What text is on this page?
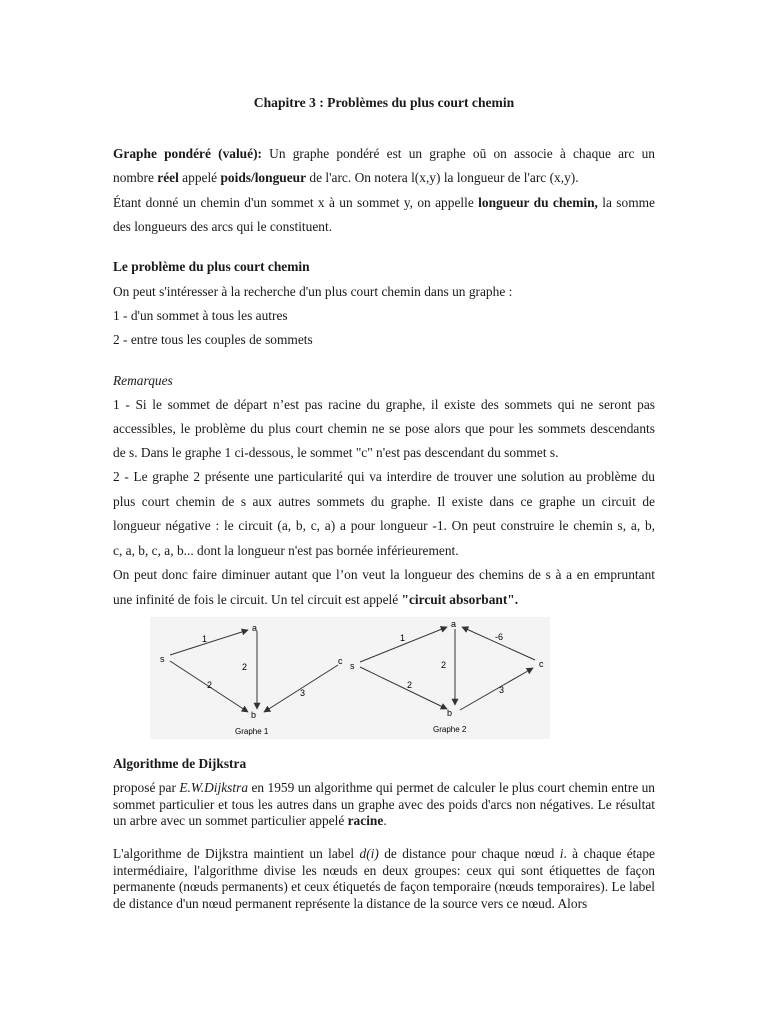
Chapitre 3 : Problèmes du plus court chemin
Graphe pondéré (valué): Un graphe pondéré est un graphe oū on associe à chaque arc un
nombre réel appelé poids/longueur de l'arc. On notera l(x,y) la longueur de l'arc (x,y).
Étant donné un chemin d'un sommet x à un sommet y, on appelle longueur du chemin, la somme
des longueurs des arcs qui le constituent.
Le problème du plus court chemin
On peut s'intéresser à la recherche d'un plus court chemin dans un graphe :
1 - d'un sommet à tous les autres
2 - entre tous les couples de sommets
Remarques
1 - Si le sommet de départ n’est pas racine du graphe, il existe des sommets qui ne seront pas
accessibles, le problème du plus court chemin ne se pose alors que pour les sommets descendants
de s. Dans le graphe 1 ci-dessous, le sommet "c" n'est pas descendant du sommet s.
2 - Le graphe 2 présente une particularité qui va interdire de trouver une solution au problème du
plus court chemin de s aux autres sommets du graphe. Il existe dans ce graphe un circuit de
longueur négative : le circuit (a, b, c, a) a pour longueur -1. On peut construire le chemin s, a, b,
c, a, b, c, a, b... dont la longueur n'est pas bornée inférieurement.
On peut donc faire diminuer autant que l’on veut la longueur des chemins de s à a en empruntant
une infinité de fois le circuit. Un tel circuit est appelé "circuit absorbant".
s
a
b
c
1
2
2
3
Graphe 1
s
a
b
c
1
2
2	3
-6
Graphe 2
Algorithme de Dijkstra
proposé par E.W.Dijkstra en 1959 un algorithme qui permet de calculer le plus court chemin entre un sommet particulier et tous les autres dans un graphe avec des poids d'arcs non négatives. Le résultat un arbre avec un sommet particulier appelé racine.
L'algorithme de Dijkstra maintient un label d(i) de distance pour chaque nœud i. à chaque étape intermédiaire, l'algorithme divise les nœuds en deux groupes: ceux qui sont étiquettes de façon permanente (nœuds permanents) et ceux étiquetés de façon temporaire (nœuds temporaires). Le label de distance d'un nœud permanent représente la distance de la source vers ce nœud. Alors
